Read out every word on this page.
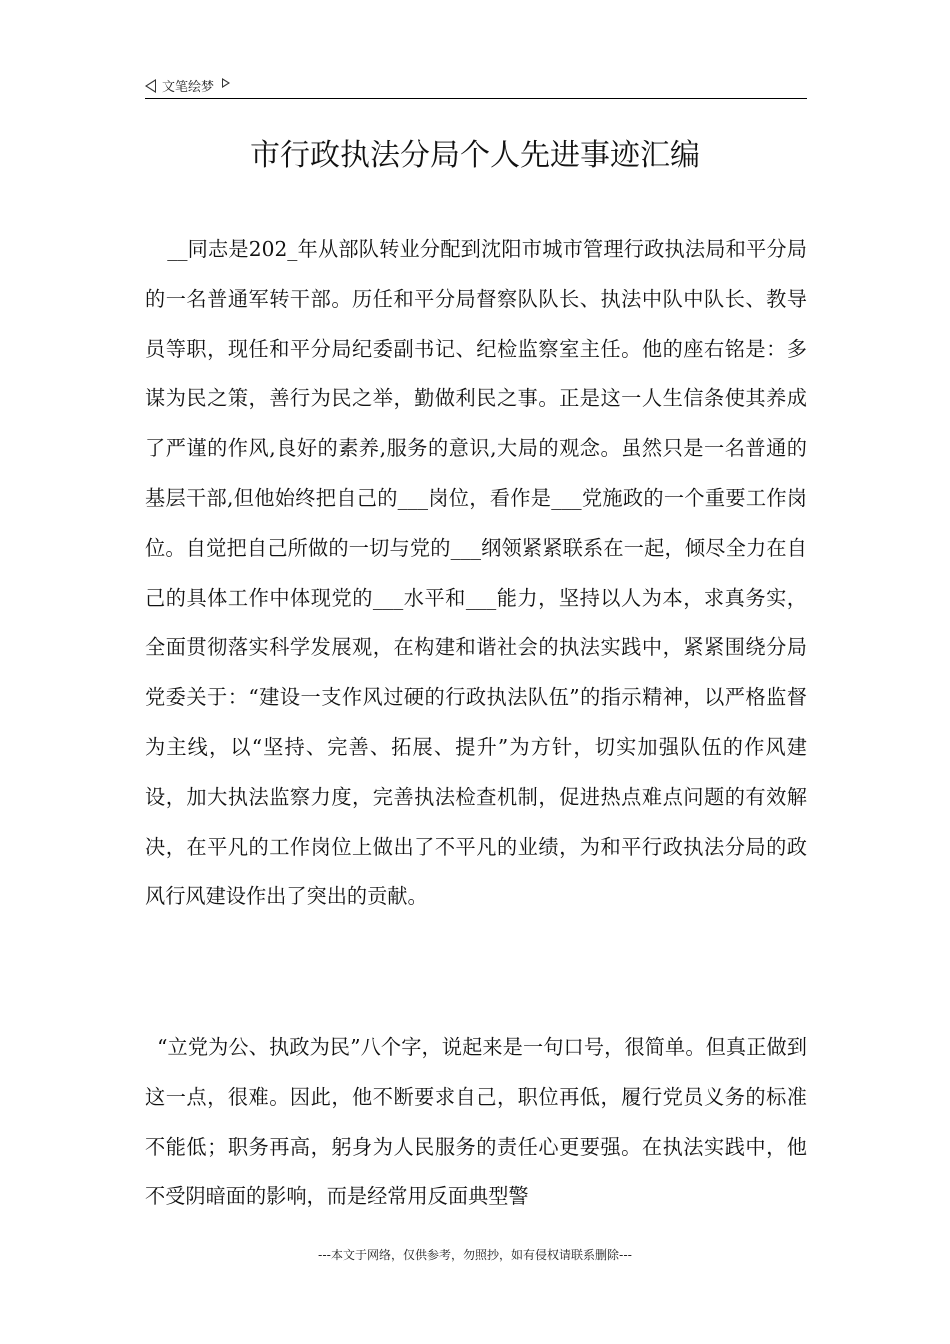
文笔绘梦
市行政执法分局个人先进事迹汇编

__同志是202_年从部队转业分配到沈阳市城市管理行政执法局和平分局的一名普通军转干部。历任和平分局督察队队长、执法中队中队长、教导员等职，现任和平分局纪委副书记、纪检监察室主任。他的座右铭是：多谋为民之策，善行为民之举，勤做利民之事。正是这一人生信条使其养成了严谨的作风,良好的素养,服务的意识,大局的观念。虽然只是一名普通的基层干部,但他始终把自己的___岗位，看作是___党施政的一个重要工作岗位。自觉把自己所做的一切与党的___纲领紧紧联系在一起，倾尽全力在自己的具体工作中体现党的___水平和___能力，坚持以人为本，求真务实，全面贯彻落实科学发展观，在构建和谐社会的执法实践中，紧紧围绕分局党委关于：“建设一支作风过硬的行政执法队伍”的指示精神，以严格监督为主线，以“坚持、完善、拓展、提升”为方针，切实加强队伍的作风建设，加大执法监察力度，完善执法检查机制，促进热点难点问题的有效解决，在平凡的工作岗位上做出了不平凡的业绩，为和平行政执法分局的政风行风建设作出了突出的贡献。

“立党为公、执政为民”八个字，说起来是一句口号，很简单。但真正做到这一点，很难。因此，他不断要求自己，职位再低，履行党员义务的标准不能低；职务再高，躬身为人民服务的责任心更要强。在执法实践中，他不受阴暗面的影响，而是经常用反面典型警

---本文于网络，仅供参考，勿照抄，如有侵权请联系删除---
